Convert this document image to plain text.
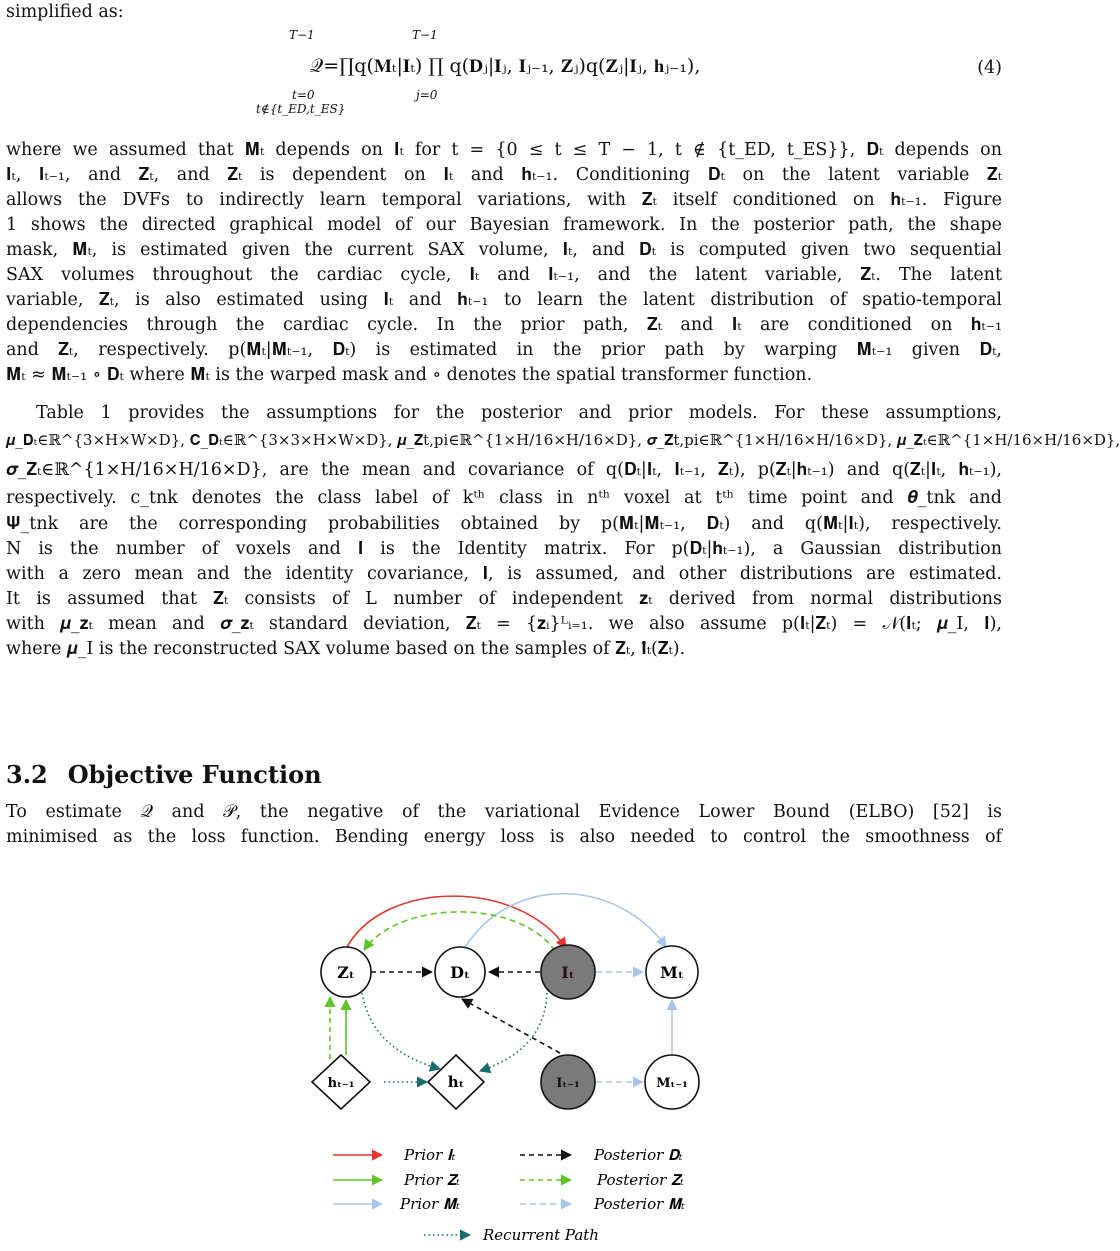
simplified as:
T−1	T−1
𝒬=∏q(𝐌ₜ|𝐈ₜ) ∏ q(𝐃ⱼ|𝐈ⱼ, 𝐈ⱼ₋₁, 𝐙ⱼ)q(𝐙ⱼ|𝐈ⱼ, 𝐡ⱼ₋₁),
t=0	j=0
t∉{t_ED,t_ES}
(4)
where we assumed that 𝐌ₜ depends on 𝐈ₜ for t = {0 ≤ t ≤ T − 1, t ∉ {t_ED, t_ES}}, 𝐃ₜ depends on
𝐈ₜ, 𝐈ₜ₋₁, and 𝐙ₜ, and 𝐙ₜ is dependent on 𝐈ₜ and 𝐡ₜ₋₁. Conditioning 𝐃ₜ on the latent variable 𝐙ₜ
allows the DVFs to indirectly learn temporal variations, with 𝐙ₜ itself conditioned on 𝐡ₜ₋₁. Figure
1 shows the directed graphical model of our Bayesian framework. In the posterior path, the shape
mask, 𝐌ₜ, is estimated given the current SAX volume, 𝐈ₜ, and 𝐃ₜ is computed given two sequential
SAX volumes throughout the cardiac cycle, 𝐈ₜ and 𝐈ₜ₋₁, and the latent variable, 𝐙ₜ. The latent
variable, 𝐙ₜ, is also estimated using 𝐈ₜ and 𝐡ₜ₋₁ to learn the latent distribution of spatio-temporal
dependencies through the cardiac cycle. In the prior path, 𝐙ₜ and 𝐈ₜ are conditioned on 𝐡ₜ₋₁
and 𝐙ₜ, respectively. p(𝐌ₜ|𝐌ₜ₋₁, 𝐃ₜ) is estimated in the prior path by warping 𝐌ₜ₋₁ given 𝐃ₜ,
𝐌̂ₜ ≈ 𝐌ₜ₋₁ ∘ 𝐃ₜ where 𝐌̂ₜ is the warped mask and ∘ denotes the spatial transformer function.
Table 1 provides the assumptions for the posterior and prior models. For these assumptions,
𝝁_𝐃ₜ∈ℝ^{3×H×W×D}, 𝐂_𝐃ₜ∈ℝ^{3×3×H×W×D}, 𝝁_𝐙t,pi∈ℝ^{1×H/16×H/16×D}, 𝝈_𝐙t,pi∈ℝ^{1×H/16×H/16×D}, 𝝁_𝐙ₜ∈ℝ^{1×H/16×H/16×D},
𝝈_𝐙ₜ∈ℝ^{1×H/16×H/16×D}, are the mean and covariance of q(𝐃ₜ|𝐈ₜ, 𝐈ₜ₋₁, 𝐙ₜ), p(𝐙ₜ|𝐡ₜ₋₁) and q(𝐙ₜ|𝐈ₜ, 𝐡ₜ₋₁),
respectively. c_tnk denotes the class label of kᵗʰ class in nᵗʰ voxel at tᵗʰ time point and 𝜽_tnk and
𝚿_tnk are the corresponding probabilities obtained by p(𝐌ₜ|𝐌ₜ₋₁, 𝐃ₜ) and q(𝐌ₜ|𝐈ₜ), respectively.
N is the number of voxels and 𝐈 is the Identity matrix. For p(𝐃ₜ|𝐡ₜ₋₁), a Gaussian distribution
with a zero mean and the identity covariance, 𝐈, is assumed, and other distributions are estimated.
It is assumed that 𝐙ₜ consists of L number of independent 𝐳ₜ derived from normal distributions
with 𝝁_𝐳ₜ mean and 𝝈_𝐳ₜ standard deviation, 𝐙ₜ = {𝐳ᵢ}ᴸᵢ₌₁. we also assume p(𝐈ₜ|𝐙ₜ) = 𝒩(𝐈ₜ; 𝝁_I, 𝐈),
where 𝝁_I is the reconstructed SAX volume based on the samples of 𝐙ₜ, 𝐈̂ₜ(𝐙̂ₜ).
3.2 Objective Function
To estimate 𝒬 and 𝒫, the negative of the variational Evidence Lower Bound (ELBO) [52] is
minimised as the loss function. Bending energy loss is also needed to control the smoothness of
𝐙ₜ	𝐃ₜ	𝐈ₜ	𝐌ₜ
𝐡ₜ₋₁	𝐡ₜ	𝐈ₜ₋₁	𝐌ₜ₋₁
Prior 𝐈ₜ
Prior 𝐙ₜ
Prior 𝐌ₜ
Posterior 𝐃ₜ
Posterior 𝐙ₜ
Posterior 𝐌ₜ
Recurrent Path
